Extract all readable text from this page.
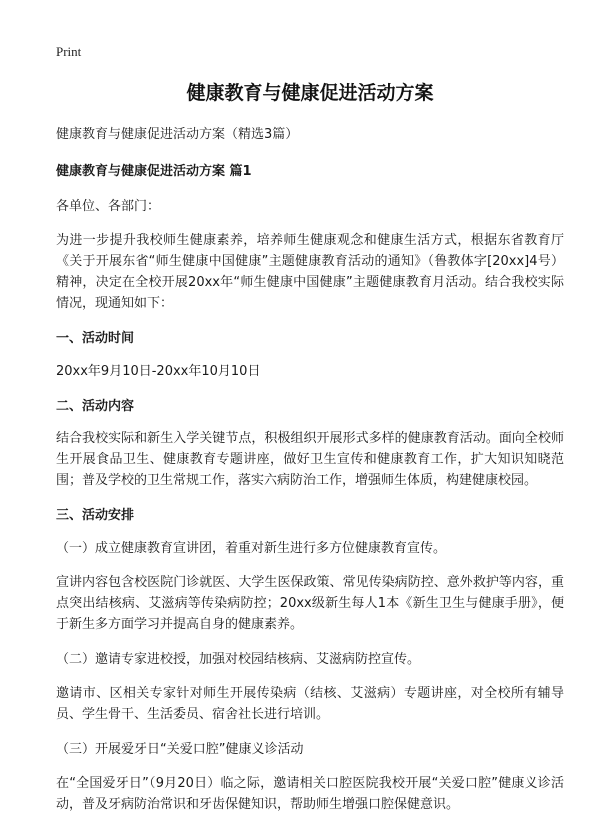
Print
健康教育与健康促进活动方案
健康教育与健康促进活动方案（精选3篇）
健康教育与健康促进活动方案 篇1
各单位、各部门：
为进一步提升我校师生健康素养，培养师生健康观念和健康生活方式，根据东省教育厅《关于开展东省“师生健康中国健康”主题健康教育活动的通知》（鲁教体字[20xx]4号）精神，决定在全校开展20xx年“师生健康中国健康”主题健康教育月活动。结合我校实际情况，现通知如下：
一、活动时间
20xx年9月10日-20xx年10月10日
二、活动内容
结合我校实际和新生入学关键节点，积极组织开展形式多样的健康教育活动。面向全校师生开展食品卫生、健康教育专题讲座，做好卫生宣传和健康教育工作，扩大知识知晓范围；普及学校的卫生常规工作，落实六病防治工作，增强师生体质，构建健康校园。
三、活动安排
（一）成立健康教育宣讲团，着重对新生进行多方位健康教育宣传。
宣讲内容包含校医院门诊就医、大学生医保政策、常见传染病防控、意外救护等内容，重点突出结核病、艾滋病等传染病防控；20xx级新生每人1本《新生卫生与健康手册》，便于新生多方面学习并提高自身的健康素养。
（二）邀请专家进校授，加强对校园结核病、艾滋病防控宣传。
邀请市、区相关专家针对师生开展传染病（结核、艾滋病）专题讲座，对全校所有辅导员、学生骨干、生活委员、宿舍社长进行培训。
（三）开展爱牙日“关爱口腔”健康义诊活动
在“全国爱牙日”（9月20日）临之际，邀请相关口腔医院我校开展“关爱口腔”健康义诊活动，普及牙病防治常识和牙齿保健知识，帮助师生增强口腔保健意识。
